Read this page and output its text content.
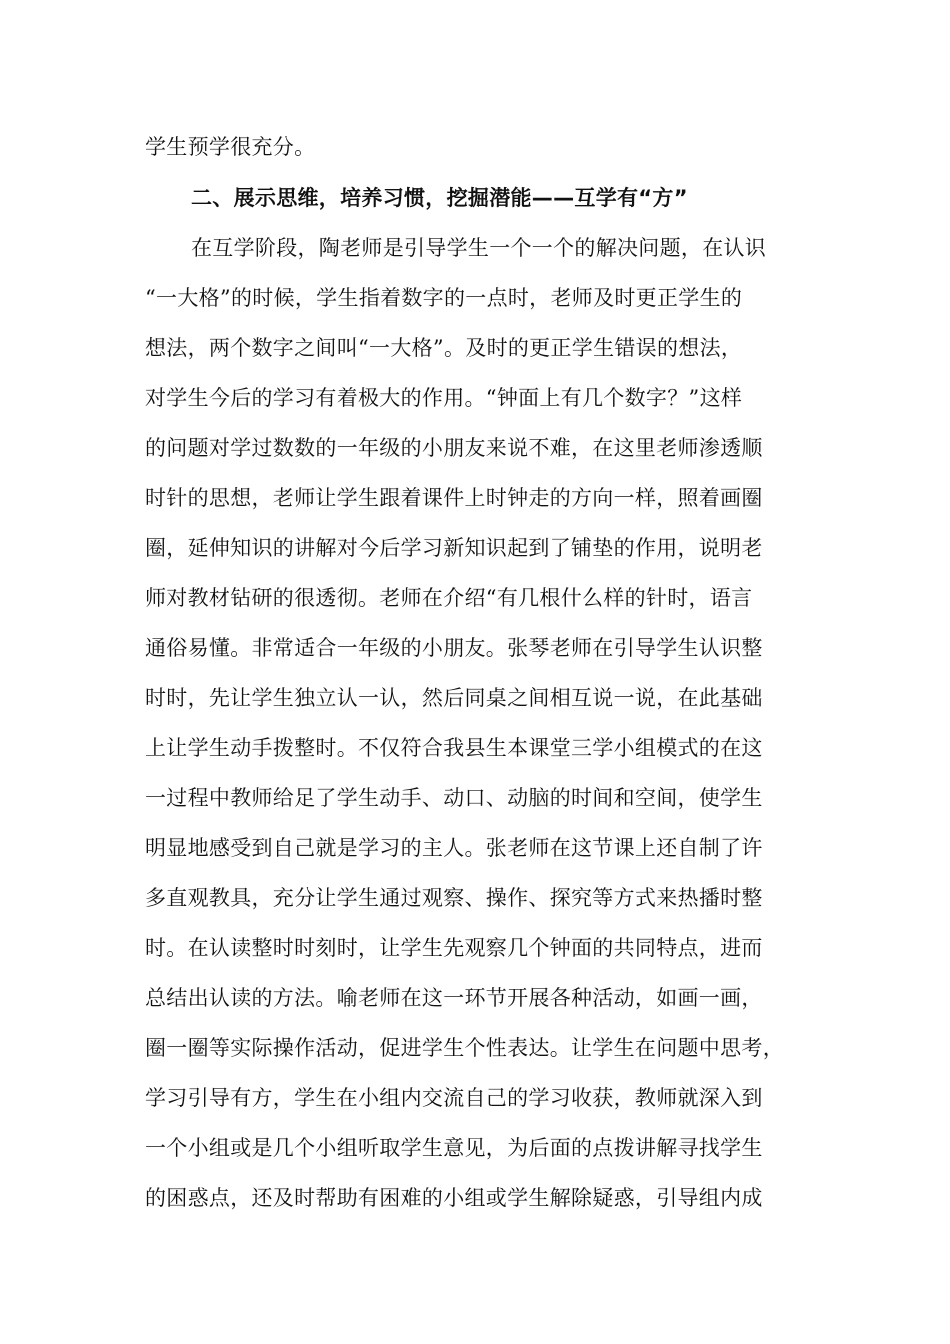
学生预学很充分。
二、展示思维，培养习惯，挖掘潜能——互学有“方”
在互学阶段，陶老师是引导学生一个一个的解决问题，在认识
“一大格”的时候，学生指着数字的一点时，老师及时更正学生的
想法，两个数字之间叫“一大格”。及时的更正学生错误的想法，
对学生今后的学习有着极大的作用。“钟面上有几个数字？”这样
的问题对学过数数的一年级的小朋友来说不难，在这里老师渗透顺
时针的思想，老师让学生跟着课件上时钟走的方向一样，照着画圈
圈，延伸知识的讲解对今后学习新知识起到了铺垫的作用，说明老
师对教材钻研的很透彻。老师在介绍“有几根什么样的针时，语言
通俗易懂。非常适合一年级的小朋友。张琴老师在引导学生认识整
时时，先让学生独立认一认，然后同桌之间相互说一说，在此基础
上让学生动手拨整时。不仅符合我县生本课堂三学小组模式的在这
一过程中教师给足了学生动手、动口、动脑的时间和空间，使学生
明显地感受到自己就是学习的主人。张老师在这节课上还自制了许
多直观教具，充分让学生通过观察、操作、探究等方式来热播时整
时。在认读整时时刻时，让学生先观察几个钟面的共同特点，进而
总结出认读的方法。喻老师在这一环节开展各种活动，如画一画，
圈一圈等实际操作活动，促进学生个性表达。让学生在问题中思考，
学习引导有方，学生在小组内交流自己的学习收获，教师就深入到
一个小组或是几个小组听取学生意见，为后面的点拨讲解寻找学生
的困惑点，还及时帮助有困难的小组或学生解除疑惑，引导组内成
